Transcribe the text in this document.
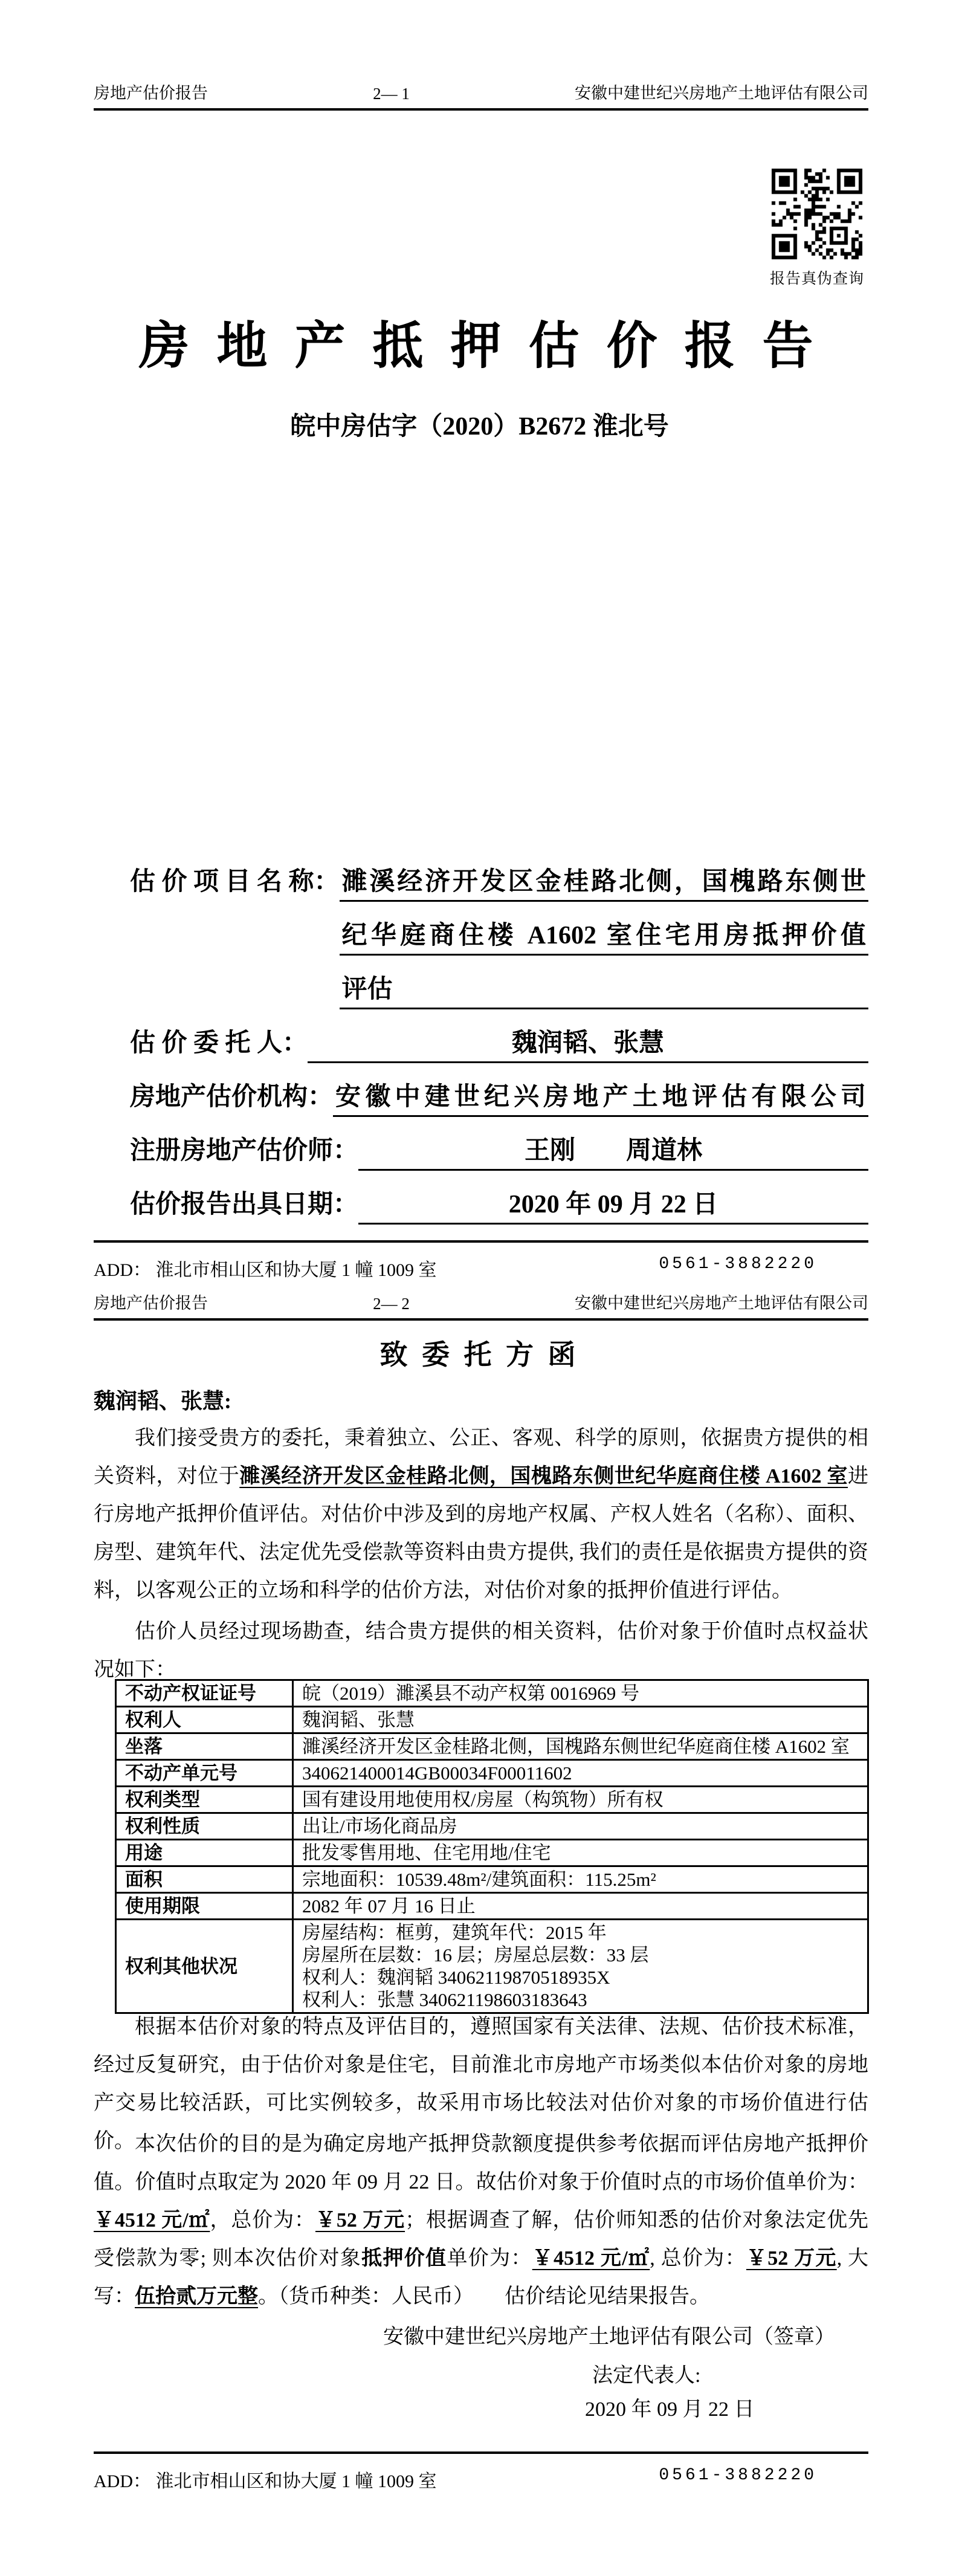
房地产估价报告	2— 1	安徽中建世纪兴房地产土地评估有限公司
报告真伪查询
房 地 产 抵 押 估 价 报 告
皖中房估字（2020）B2672 淮北号
估 价 项 目 名 称： 濉溪经济开发区金桂路北侧，国槐路东侧世
纪华庭商住楼 A1602 室住宅用房抵押价值
评估
估 价 委 托 人：	魏润韬、张慧
房地产估价机构： 安徽中建世纪兴房地产土地评估有限公司
注册房地产估价师：	王刚　　周道林
估价报告出具日期：	2020 年 09 月 22 日
ADD： 淮北市相山区和协大厦 1 幢 1009 室	0561-3882220
房地产估价报告	2— 2	安徽中建世纪兴房地产土地评估有限公司
致 委 托 方 函
魏润韬、张慧:
我们接受贵方的委托，秉着独立、公正、客观、科学的原则，依据贵方提供的相关资料，对位于濉溪经济开发区金桂路北侧，国槐路东侧世纪华庭商住楼 A1602 室进行房地产抵押价值评估。对估价中涉及到的房地产权属、产权人姓名（名称）、面积、房型、建筑年代、法定优先受偿款等资料由贵方提供, 我们的责任是依据贵方提供的资料，以客观公正的立场和科学的估价方法，对估价对象的抵押价值进行评估。
估价人员经过现场勘查，结合贵方提供的相关资料，估价对象于价值时点权益状况如下：
不动产权证证号	皖（2019）濉溪县不动产权第 0016969 号
权利人	魏润韬、张慧
坐落	濉溪经济开发区金桂路北侧，国槐路东侧世纪华庭商住楼 A1602 室
不动产单元号	340621400014GB00034F00011602
权利类型	国有建设用地使用权/房屋（构筑物）所有权
权利性质	出让/市场化商品房
用途	批发零售用地、住宅用地/住宅
面积	宗地面积：10539.48m²/建筑面积：115.25m²
使用期限	2082 年 07 月 16 日止
权利其他状况	房屋结构：框剪，建筑年代：2015 年
房屋所在层数：16 层；房屋总层数：33 层
权利人：魏润韬 34062119870518935X
权利人：张慧 340621198603183643
根据本估价对象的特点及评估目的，遵照国家有关法律、法规、估价技术标准，经过反复研究，由于估价对象是住宅，目前淮北市房地产市场类似本估价对象的房地产交易比较活跃，可比实例较多，故采用市场比较法对估价对象的市场价值进行估价。 本次估价的目的是为确定房地产抵押贷款额度提供参考依据而评估房地产抵押价值。价值时点取定为 2020 年 09 月 22 日。故估价对象于价值时点的市场价值单价为：￥4512 元/㎡，总价为：￥52 万元；根据调查了解，估价师知悉的估价对象法定优先受偿款为零; 则本次估价对象抵押价值单价为：￥4512 元/㎡, 总价为：￥52 万元, 大写：伍拾贰万元整。（货币种类：人民币）　　估价结论见结果报告。
安徽中建世纪兴房地产土地评估有限公司（签章）
法定代表人:
2020 年 09 月 22 日
ADD： 淮北市相山区和协大厦 1 幢 1009 室	0561-3882220
